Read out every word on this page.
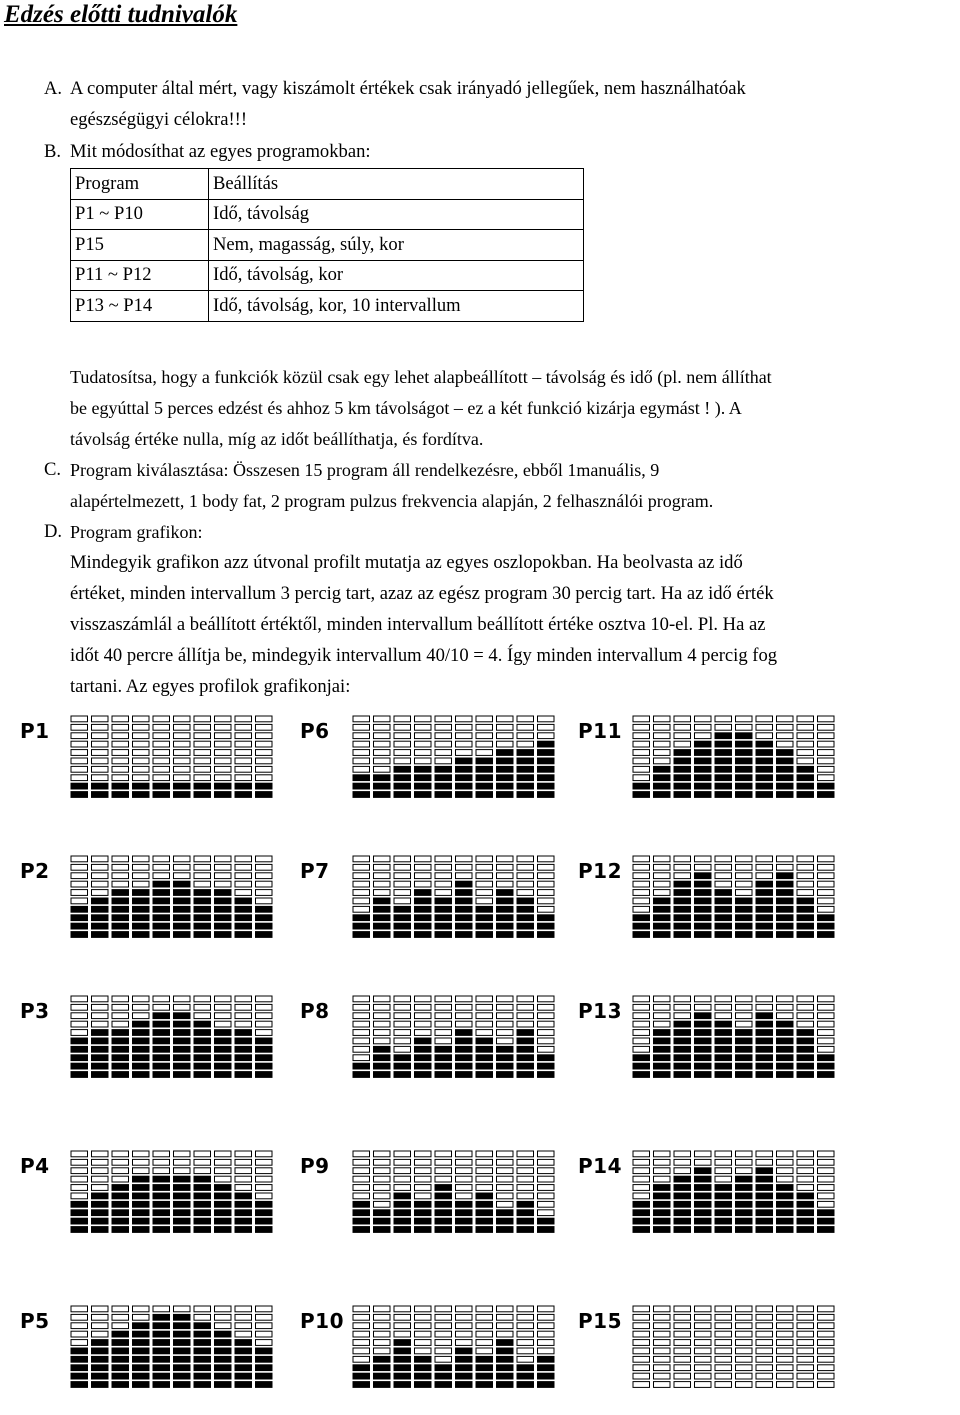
Edzés előtti tudnivalók
A. A computer által mért, vagy kiszámolt értékek csak irányadó jellegűek, nem használhatóak
egészségügyi célokra!!!
B. Mit módosíthat az egyes programokban:
Program	Beállítás
P1 ~ P10	Idő, távolság
P15	Nem, magasság, súly, kor
P11 ~ P12	Idő, távolság, kor
P13 ~ P14	Idő, távolság, kor, 10 intervallum
Tudatosítsa, hogy a funkciók közül csak egy lehet alapbeállított – távolság és idő (pl. nem állíthat
be egyúttal 5 perces edzést és ahhoz 5 km távolságot – ez a két funkció kizárja egymást ! ). A
távolság értéke nulla, míg az időt beállíthatja, és fordítva.
C. Program kiválasztása: Összesen 15 program áll rendelkezésre, ebből 1manuális, 9
alapértelmezett, 1 body fat, 2 program pulzus frekvencia alapján, 2 felhasználói program.
D. Program grafikon:
Mindegyik grafikon azz útvonal profilt mutatja az egyes oszlopokban. Ha beolvasta az idő
értéket, minden intervallum 3 percig tart, azaz az egész program 30 percig tart. Ha az idő érték
visszaszámlál a beállított értéktől, minden intervallum beállított értéke osztva 10-el. Pl. Ha az
időt 40 percre állítja be, mindegyik intervallum 40/10 = 4. Így minden intervallum 4 percig fog
tartani. Az egyes profilok grafikonjai:
P1
P2
P3
P4
P5
P6
P7
P8
P9
P10
P11
P12
P13
P14
P15
